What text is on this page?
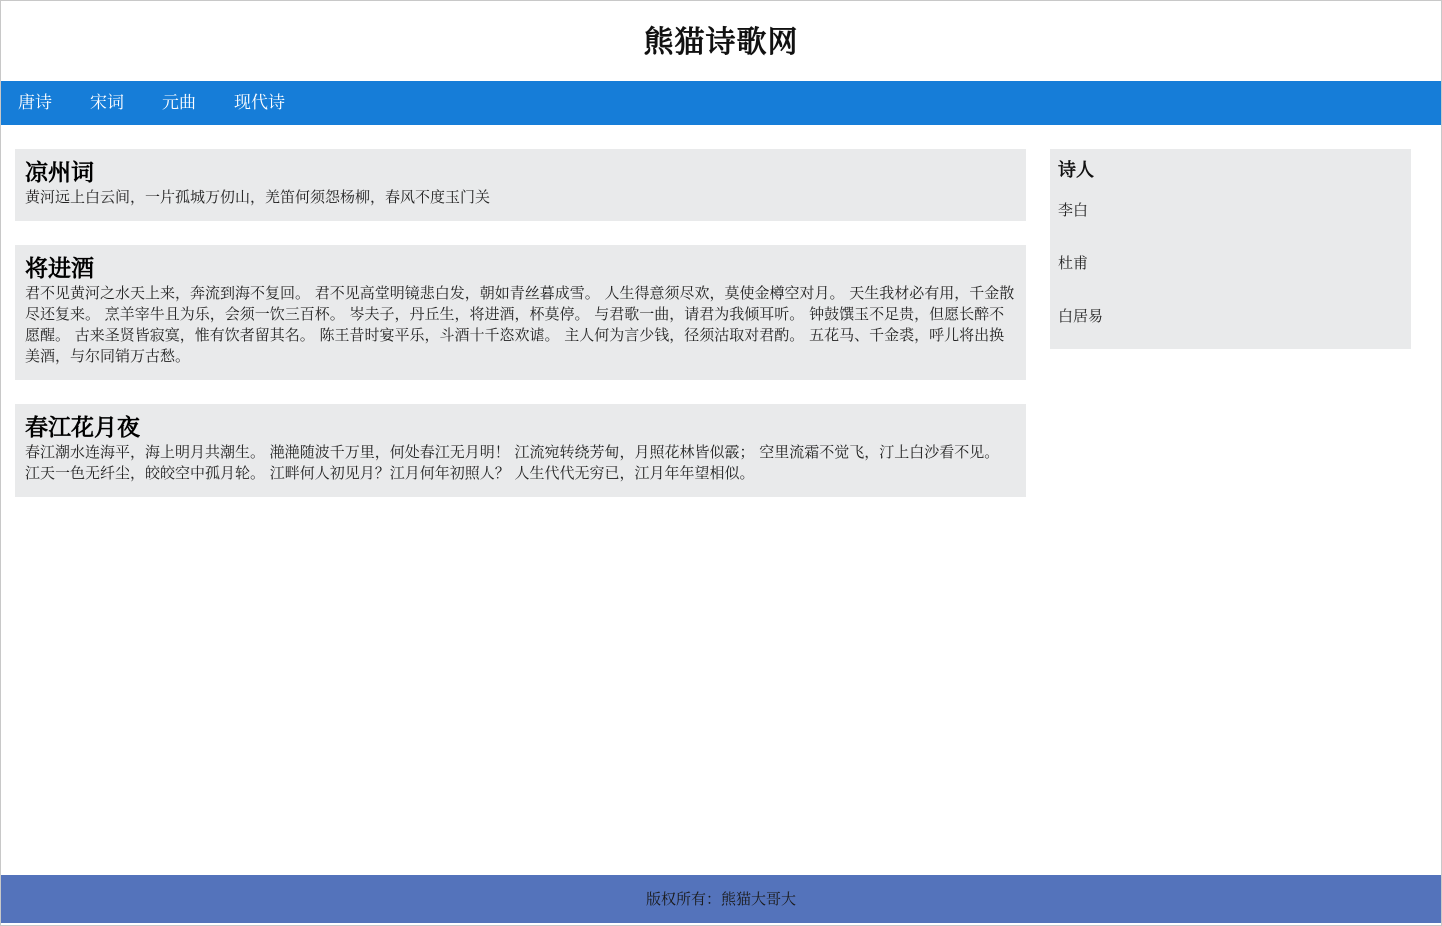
熊猫诗歌网
唐诗 宋词 元曲 现代诗
凉州词

黄河远上白云间，一片孤城万仞山，羌笛何须怨杨柳，春风不度玉门关

将进酒

君不见黄河之水天上来，奔流到海不复回。 君不见高堂明镜悲白发，朝如青丝暮成雪。 人生得意须尽欢，莫使金樽空对月。 天生我材必有用，千金散尽还复来。 烹羊宰牛且为乐，会须一饮三百杯。 岑夫子，丹丘生，将进酒，杯莫停。 与君歌一曲，请君为我倾耳听。 钟鼓馔玉不足贵，但愿长醉不愿醒。 古来圣贤皆寂寞，惟有饮者留其名。 陈王昔时宴平乐，斗酒十千恣欢谑。 主人何为言少钱，径须沽取对君酌。 五花马、千金裘，呼儿将出换美酒，与尔同销万古愁。

春江花月夜

春江潮水连海平，海上明月共潮生。 滟滟随波千万里，何处春江无月明！ 江流宛转绕芳甸，月照花林皆似霰； 空里流霜不觉飞，汀上白沙看不见。 江天一色无纤尘，皎皎空中孤月轮。 江畔何人初见月？江月何年初照人？ 人生代代无穷已，江月年年望相似。

诗人
李白
杜甫
白居易
版权所有：熊猫大哥大
